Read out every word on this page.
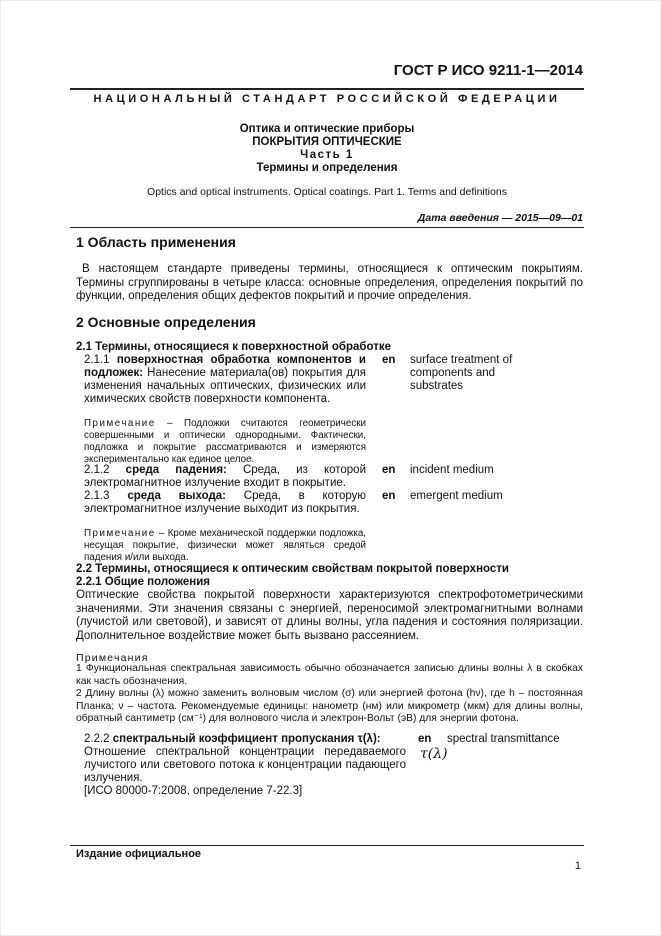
ГОСТ Р ИСО 9211-1—2014
НАЦИОНАЛЬНЫЙ СТАНДАРТ РОССИЙСКОЙ ФЕДЕРАЦИИ
Оптика и оптические приборы
ПОКРЫТИЯ ОПТИЧЕСКИЕ
Часть 1
Термины и определения
Optics and optical instruments. Optical coatings. Part 1. Terms and definitions
Дата введения — 2015—09—01
1 Область применения
В настоящем стандарте приведены термины, относящиеся к оптическим покрытиям. Термины сгруппированы в четыре класса: основные определения, определения покрытий по функции, определения общих дефектов покрытий и прочие определения.
2 Основные определения
2.1 Термины, относящиеся к поверхностной обработке
2.1.1 поверхностная обработка компонентов и подложек: Нанесение материала(ов) покрытия для изменения начальных оптических, физических или химических свойств поверхности компонента.
en surface treatment of components and substrates
Примечание – Подложки считаются геометрически совершенными и оптически однородными. Фактически, подложка и покрытие рассматриваются и измеряются экспериментально как единое целое.
2.1.2 среда падения: Среда, из которой электромагнитное излучение входит в покрытие.
en incident medium
2.1.3 среда выхода: Среда, в которую электромагнитное излучение выходит из покрытия.
en emergent medium
Примечание – Кроме механической поддержки подложка, несущая покрытие, физически может являться средой падения и/или выхода.
2.2 Термины, относящиеся к оптическим свойствам покрытой поверхности
2.2.1 Общие положения
Оптические свойства покрытой поверхности характеризуются спектрофотометрическими значениями. Эти значения связаны с энергией, переносимой электромагнитными волнами (лучистой или световой), и зависят от длины волны, угла падения и состояния поляризации. Дополнительное воздействие может быть вызвано рассеянием.
Примечания
1 Функциональная спектральная зависимость обычно обозначается записью длины волны λ в скобках как часть обозначения.
2 Длину волны (λ) можно заменить волновым числом (σ) или энергией фотона (hν), где h – постоянная Планка; ν – частота. Рекомендуемые единицы: нанометр (нм) или микрометр (мкм) для длины волны, обратный сантиметр (см⁻¹) для волнового числа и электрон-Вольт (эВ) для энергии фотона.
2.2.2 спектральный коэффициент пропускания τ(λ):
Отношение спектральной концентрации передаваемого лучистого или светового потока к концентрации падающего излучения.
[ИСО 80000-7:2008, определение 7-22.3]
en spectral transmittance
τ(λ)
Издание официальное
1
